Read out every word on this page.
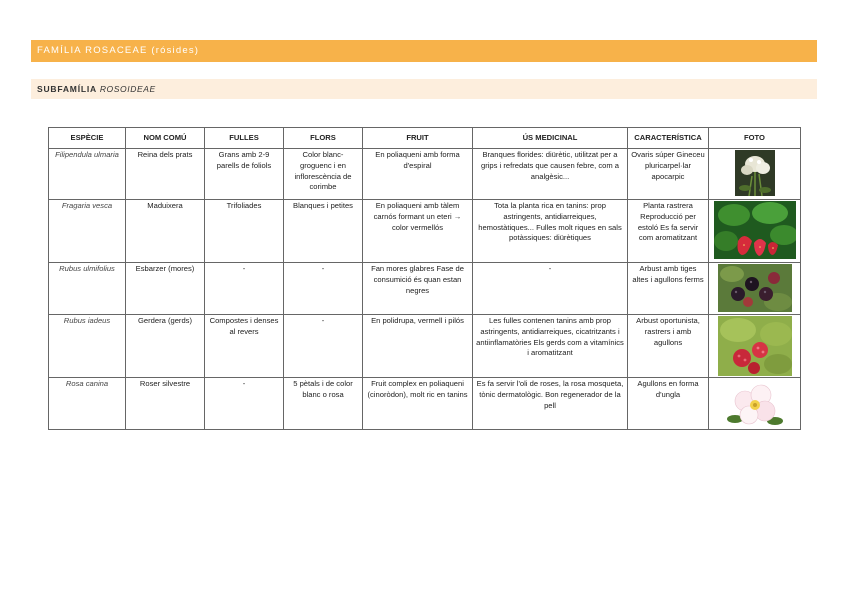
FAMÍLIA ROSACEAE (rósides)
SUBFAMÍLIA ROSOIDEAE
ESPÈCIE	NOM COMÚ	FULLES	FLORS	FRUIT	ÚS MEDICINAL	CARACTERÍSTICA	FOTO
Filipendula ulmaria	Reina dels prats	Grans amb 2-9 parells de foliols	Color blanc-groguenc i en inflorescència de corimbe	En poliaqueni amb forma d'espiral	Branques florides: diürètic, utilitzat per a grips i refredats que causen febre, com a analgèsic...	Ovaris súper Gineceu pluricarpel·lar apocarpic	

Fragaria vesca	Maduixera	Trifoliades	Blanques i petites	En poliaqueni amb tàlem carnós formant un eteri → color vermellós	Tota la planta rica en tanins: prop astringents, antidiarreiques, hemostàtiques... Fulles molt riques en sals potàssiques: diürètiques	Planta rastrera Reproducció per estoló Es fa servir com aromatitzant	

Rubus ulmifolius	Esbarzer (mores)	-	-	Fan mores glabres Fase de consumició és quan estan negres	-	Arbust amb tiges altes i agullons ferms	

Rubus iadeus	Gerdera (gerds)	Compostes i denses al revers	-	En polidrupa, vermell i pilós	Les fulles contenen tanins amb prop astringents, antidiarreiques, cicatritzants i antiinflamatòries Els gerds com a vitamínics i aromatitzant	Arbust oportunista, rastrers i amb agullons	

Rosa canina	Roser silvestre	-	5 pètals i de color blanc o rosa	Fruit complex en poliaqueni (cinoròdon), molt ric en tanins	Es fa servir l'oli de roses, la rosa mosqueta, tònic dermatològic. Bon regenerador de la pell	Agullons en forma d'ungla	
